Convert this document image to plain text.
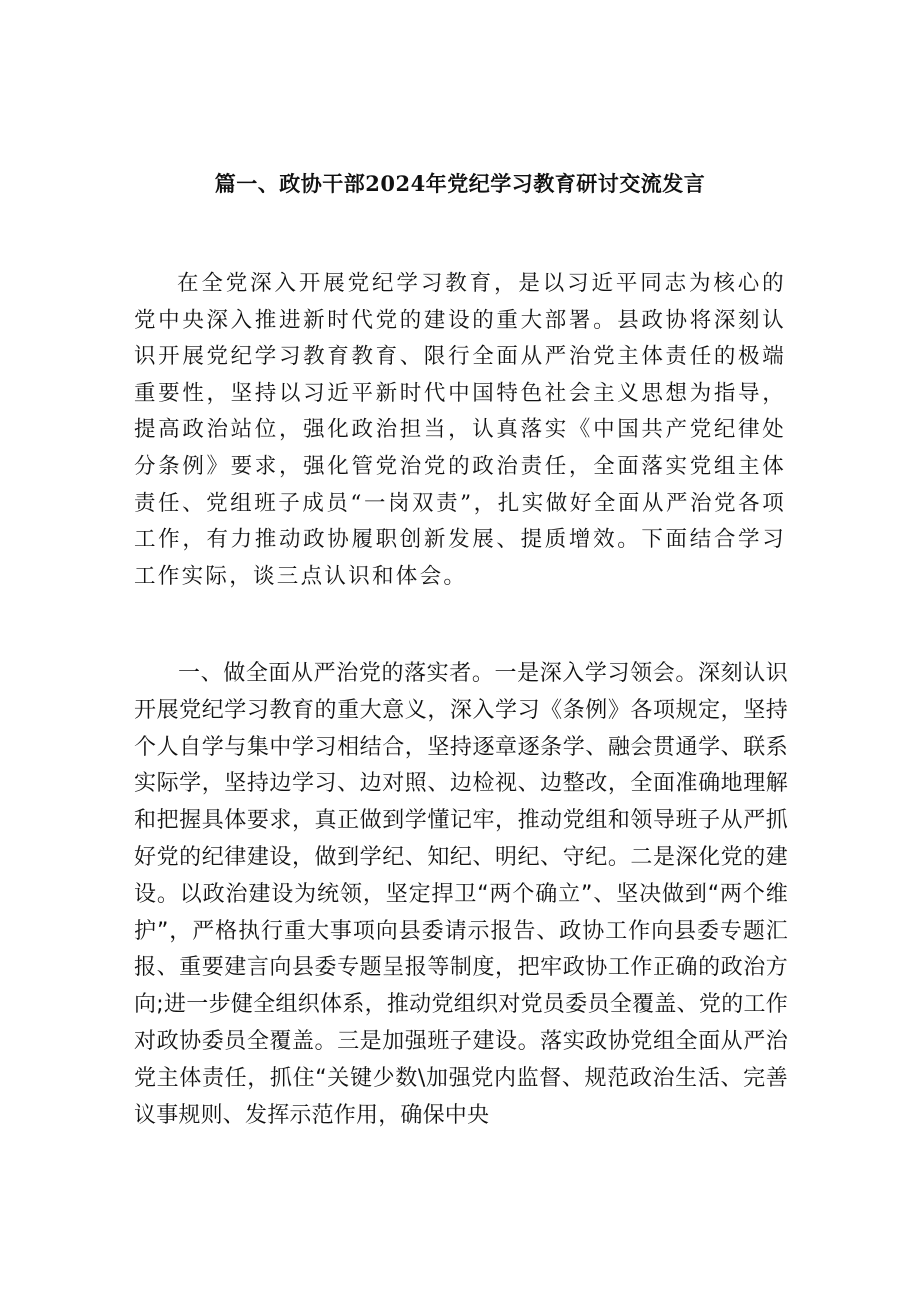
篇一、政协干部2024年党纪学习教育研讨交流发言

在全党深入开展党纪学习教育，是以习近平同志为核心的党中央深入推进新时代党的建设的重大部署。县政协将深刻认识开展党纪学习教育教育、限行全面从严治党主体责任的极端重要性，坚持以习近平新时代中国特色社会主义思想为指导，提高政治站位，强化政治担当，认真落实《中国共产党纪律处分条例》要求，强化管党治党的政治责任，全面落实党组主体责任、党组班子成员“一岗双责”，扎实做好全面从严治党各项工作，有力推动政协履职创新发展、提质增效。下面结合学习工作实际，谈三点认识和体会。

一、做全面从严治党的落实者。一是深入学习领会。深刻认识开展党纪学习教育的重大意义，深入学习《条例》各项规定，坚持个人自学与集中学习相结合，坚持逐章逐条学、融会贯通学、联系实际学，坚持边学习、边对照、边检视、边整改，全面准确地理解和把握具体要求，真正做到学懂记牢，推动党组和领导班子从严抓好党的纪律建设，做到学纪、知纪、明纪、守纪。二是深化党的建设。以政治建设为统领，坚定捍卫“两个确立”、坚决做到“两个维护”，严格执行重大事项向县委请示报告、政协工作向县委专题汇报、重要建言向县委专题呈报等制度，把牢政协工作正确的政治方向;进一步健全组织体系，推动党组织对党员委员全覆盖、党的工作对政协委员全覆盖。三是加强班子建设。落实政协党组全面从严治党主体责任，抓住“关键少数\加强党内监督、规范政治生活、完善议事规则、发挥示范作用，确保中央
